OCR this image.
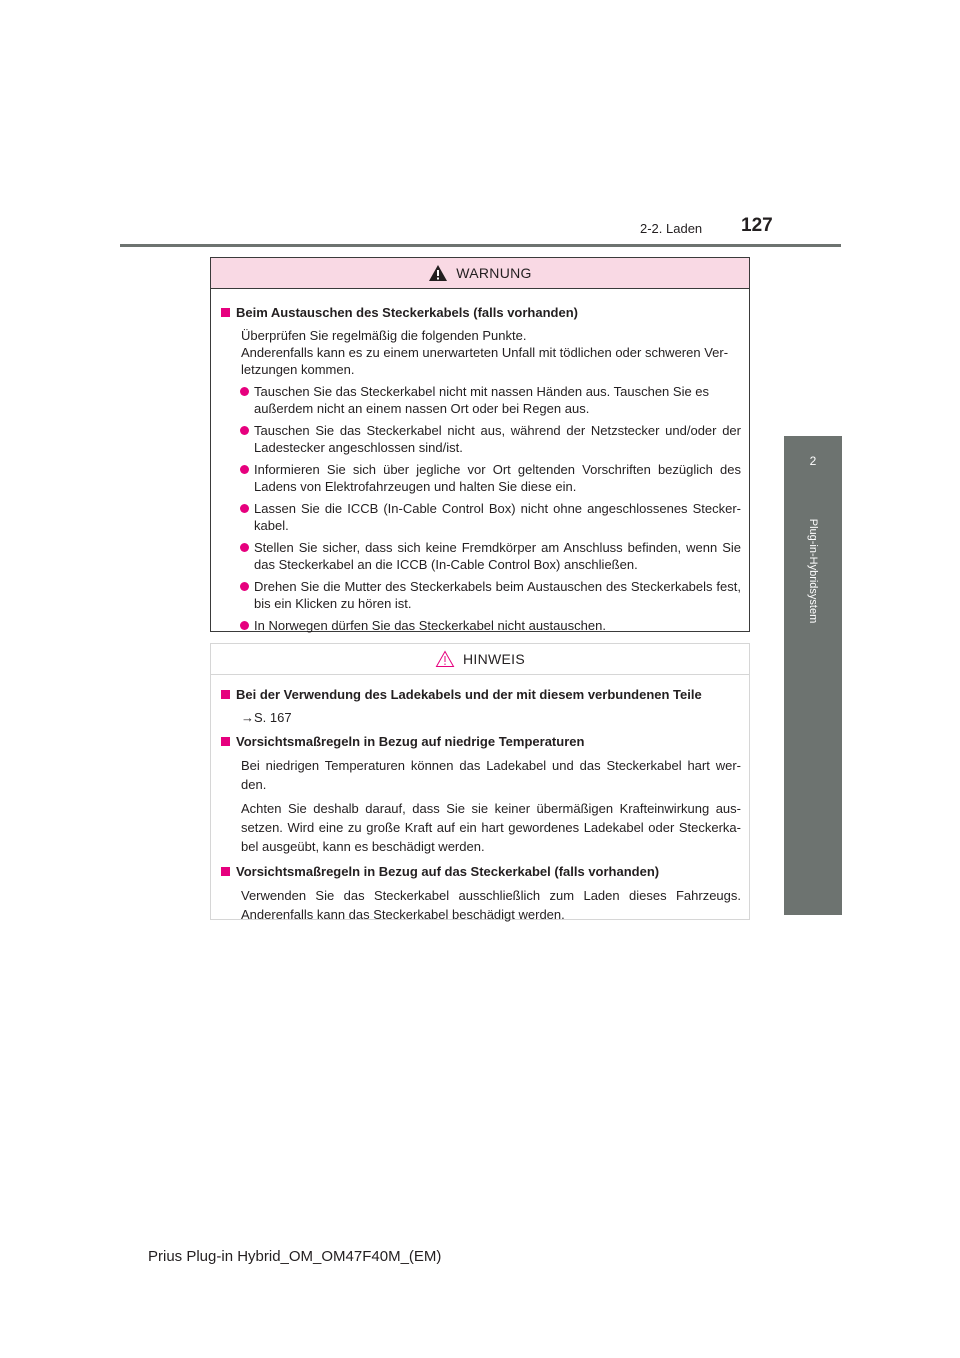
2-2. Laden 127
2
Plug-in-Hybridsystem
WARNUNG
Beim Austauschen des Steckerkabels (falls vorhanden)
Überprüfen Sie regelmäßig die folgenden Punkte.
Anderenfalls kann es zu einem unerwarteten Unfall mit tödlichen oder schweren Ver-letzungen kommen.
Tauschen Sie das Steckerkabel nicht mit nassen Händen aus. Tauschen Sie es außerdem nicht an einem nassen Ort oder bei Regen aus.
Tauschen Sie das Steckerkabel nicht aus, während der Netzstecker und/oder der Ladestecker angeschlossen sind/ist.
Informieren Sie sich über jegliche vor Ort geltenden Vorschriften bezüglich des Ladens von Elektrofahrzeugen und halten Sie diese ein.
Lassen Sie die ICCB (In-Cable Control Box) nicht ohne angeschlossenes Stecker-kabel.
Stellen Sie sicher, dass sich keine Fremdkörper am Anschluss befinden, wenn Sie das Steckerkabel an die ICCB (In-Cable Control Box) anschließen.
Drehen Sie die Mutter des Steckerkabels beim Austauschen des Steckerkabels fest, bis ein Klicken zu hören ist.
In Norwegen dürfen Sie das Steckerkabel nicht austauschen.
HINWEIS
Bei der Verwendung des Ladekabels und der mit diesem verbundenen Teile
→S. 167
Vorsichtsmaßregeln in Bezug auf niedrige Temperaturen
Bei niedrigen Temperaturen können das Ladekabel und das Steckerkabel hart wer-den.
Achten Sie deshalb darauf, dass Sie sie keiner übermäßigen Krafteinwirkung aus-setzen. Wird eine zu große Kraft auf ein hart gewordenes Ladekabel oder Steckerka-bel ausgeübt, kann es beschädigt werden.
Vorsichtsmaßregeln in Bezug auf das Steckerkabel (falls vorhanden)
Verwenden Sie das Steckerkabel ausschließlich zum Laden dieses Fahrzeugs. Anderenfalls kann das Steckerkabel beschädigt werden.
Prius Plug-in Hybrid_OM_OM47F40M_(EM)
